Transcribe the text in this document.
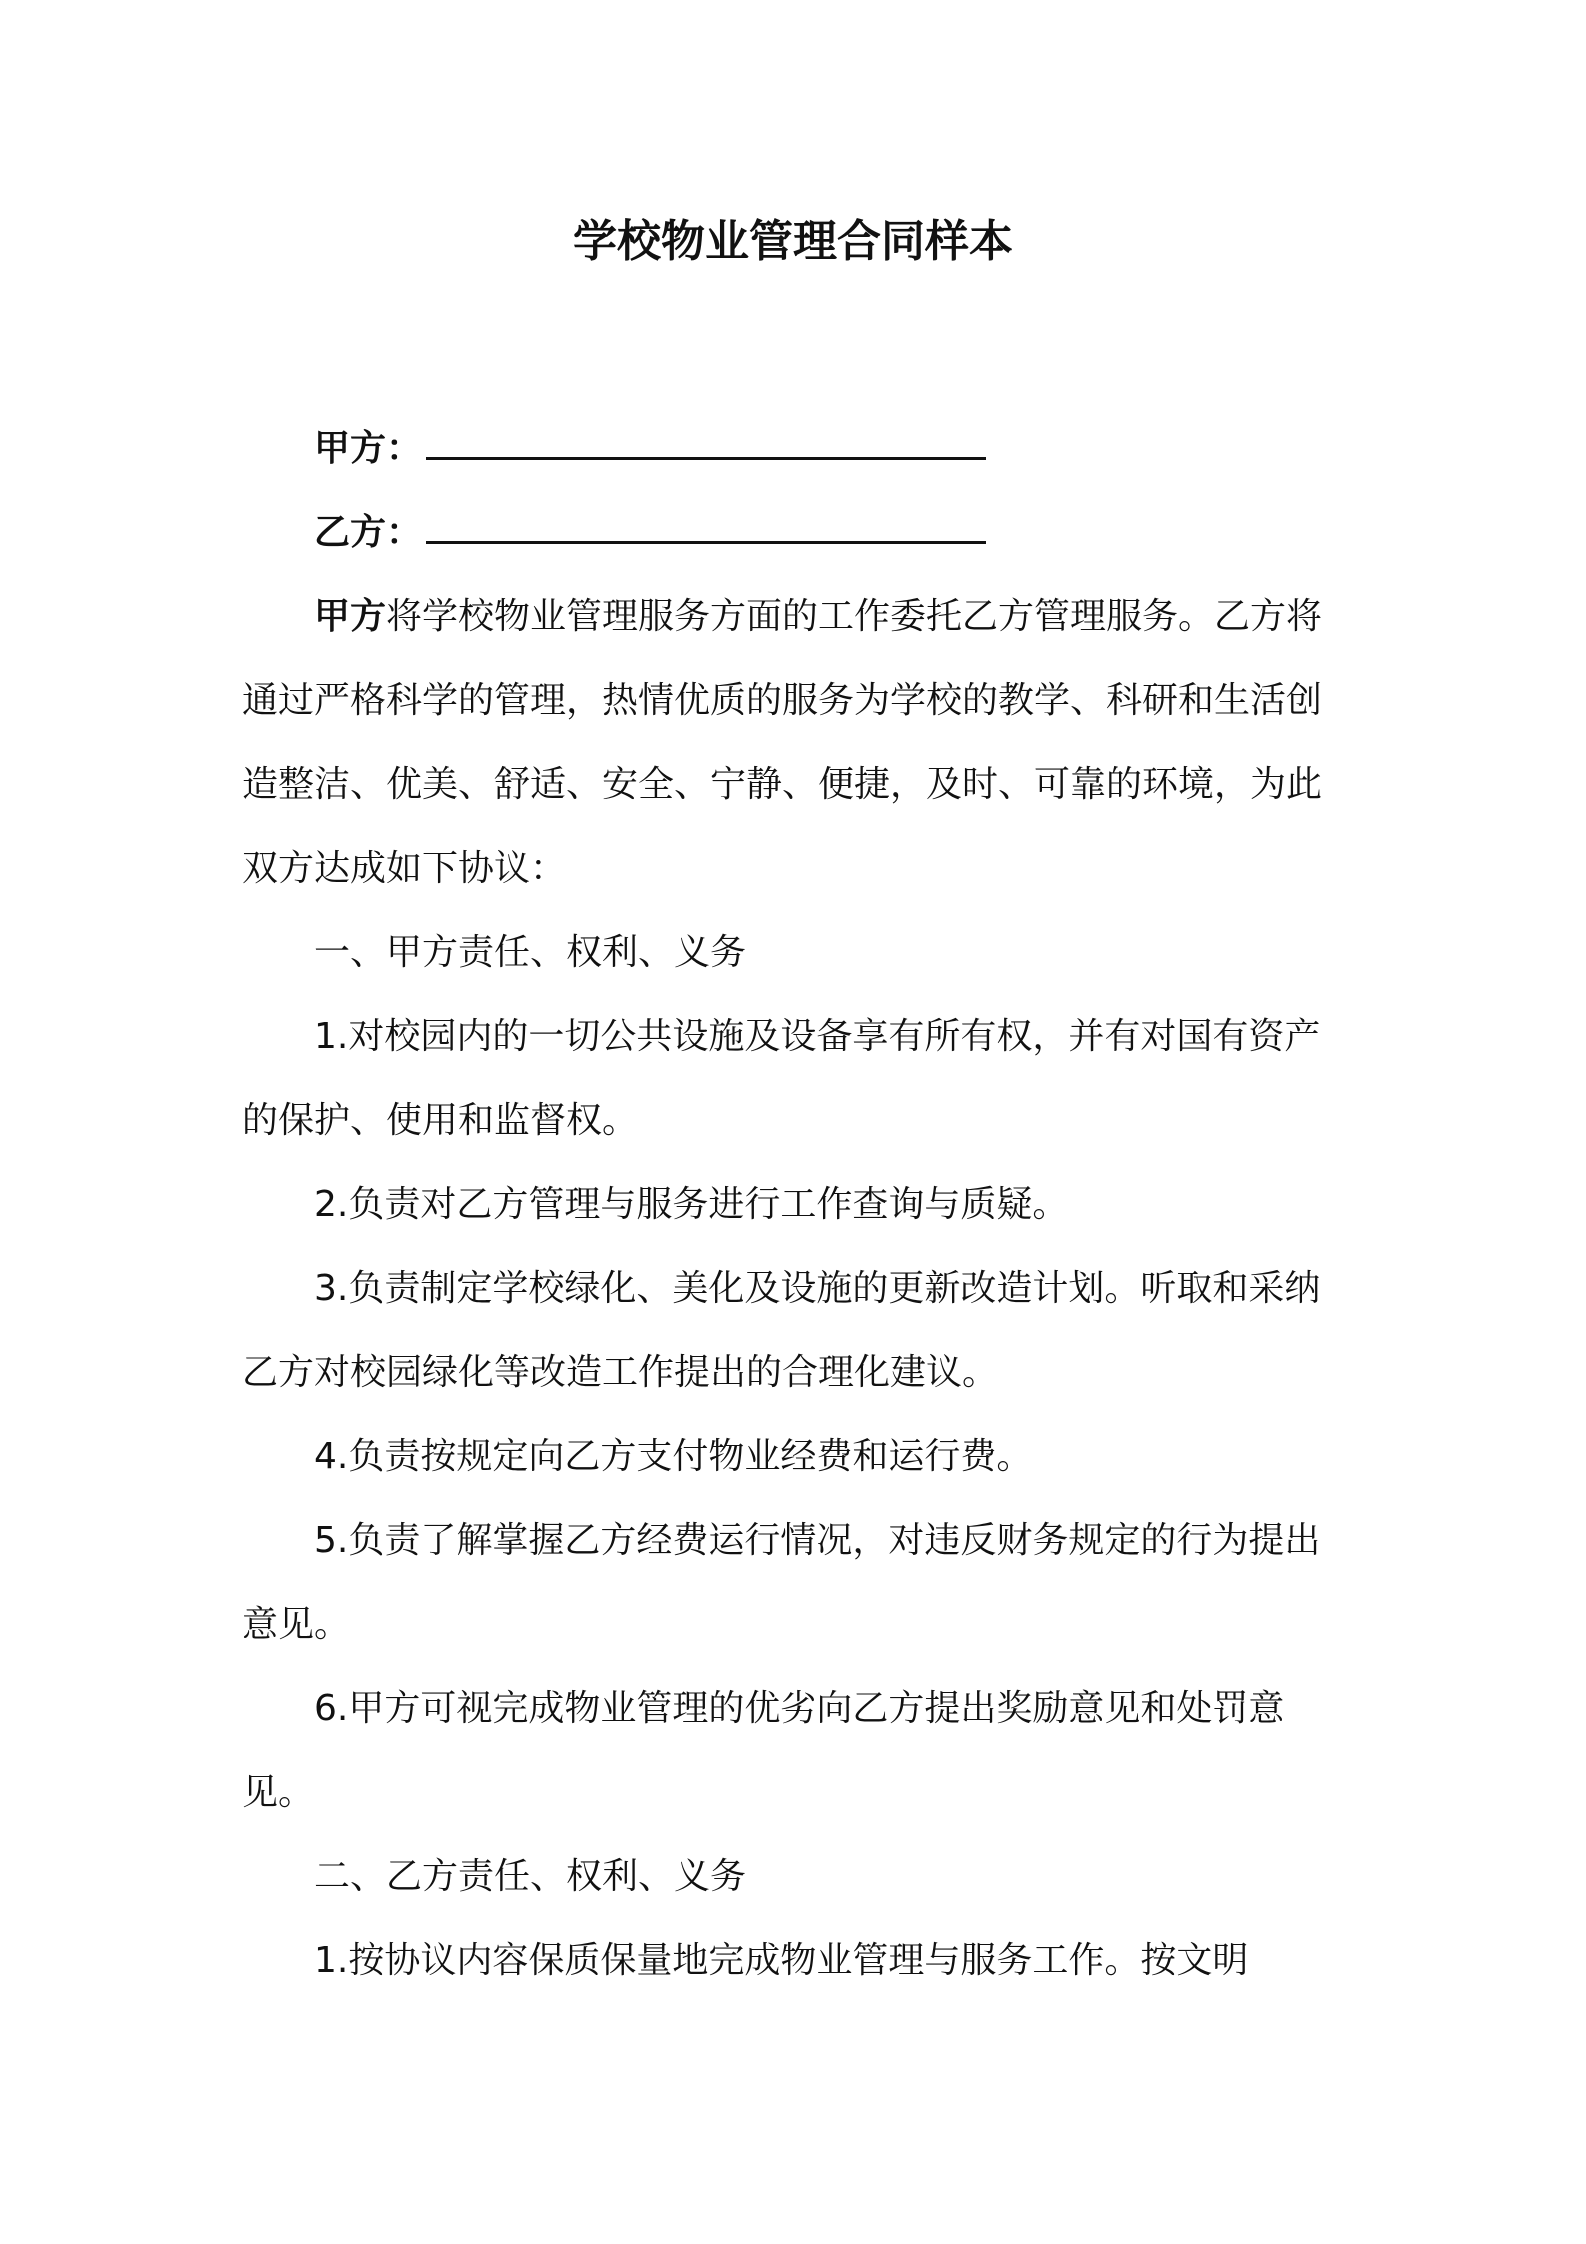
学校物业管理合同样本

甲方：

乙方：

甲方将学校物业管理服务方面的工作委托乙方管理服务。乙方将通过严格科学的管理，热情优质的服务为学校的教学、科研和生活创造整洁、优美、舒适、安全、宁静、便捷，及时、可靠的环境，为此双方达成如下协议：

一、甲方责任、权利、义务

1.对校园内的一切公共设施及设备享有所有权，并有对国有资产的保护、使用和监督权。

2.负责对乙方管理与服务进行工作查询与质疑。

3.负责制定学校绿化、美化及设施的更新改造计划。听取和采纳乙方对校园绿化等改造工作提出的合理化建议。

4.负责按规定向乙方支付物业经费和运行费。

5.负责了解掌握乙方经费运行情况，对违反财务规定的行为提出意见。

6.甲方可视完成物业管理的优劣向乙方提出奖励意见和处罚意见。

二、乙方责任、权利、义务

1.按协议内容保质保量地完成物业管理与服务工作。按文明
